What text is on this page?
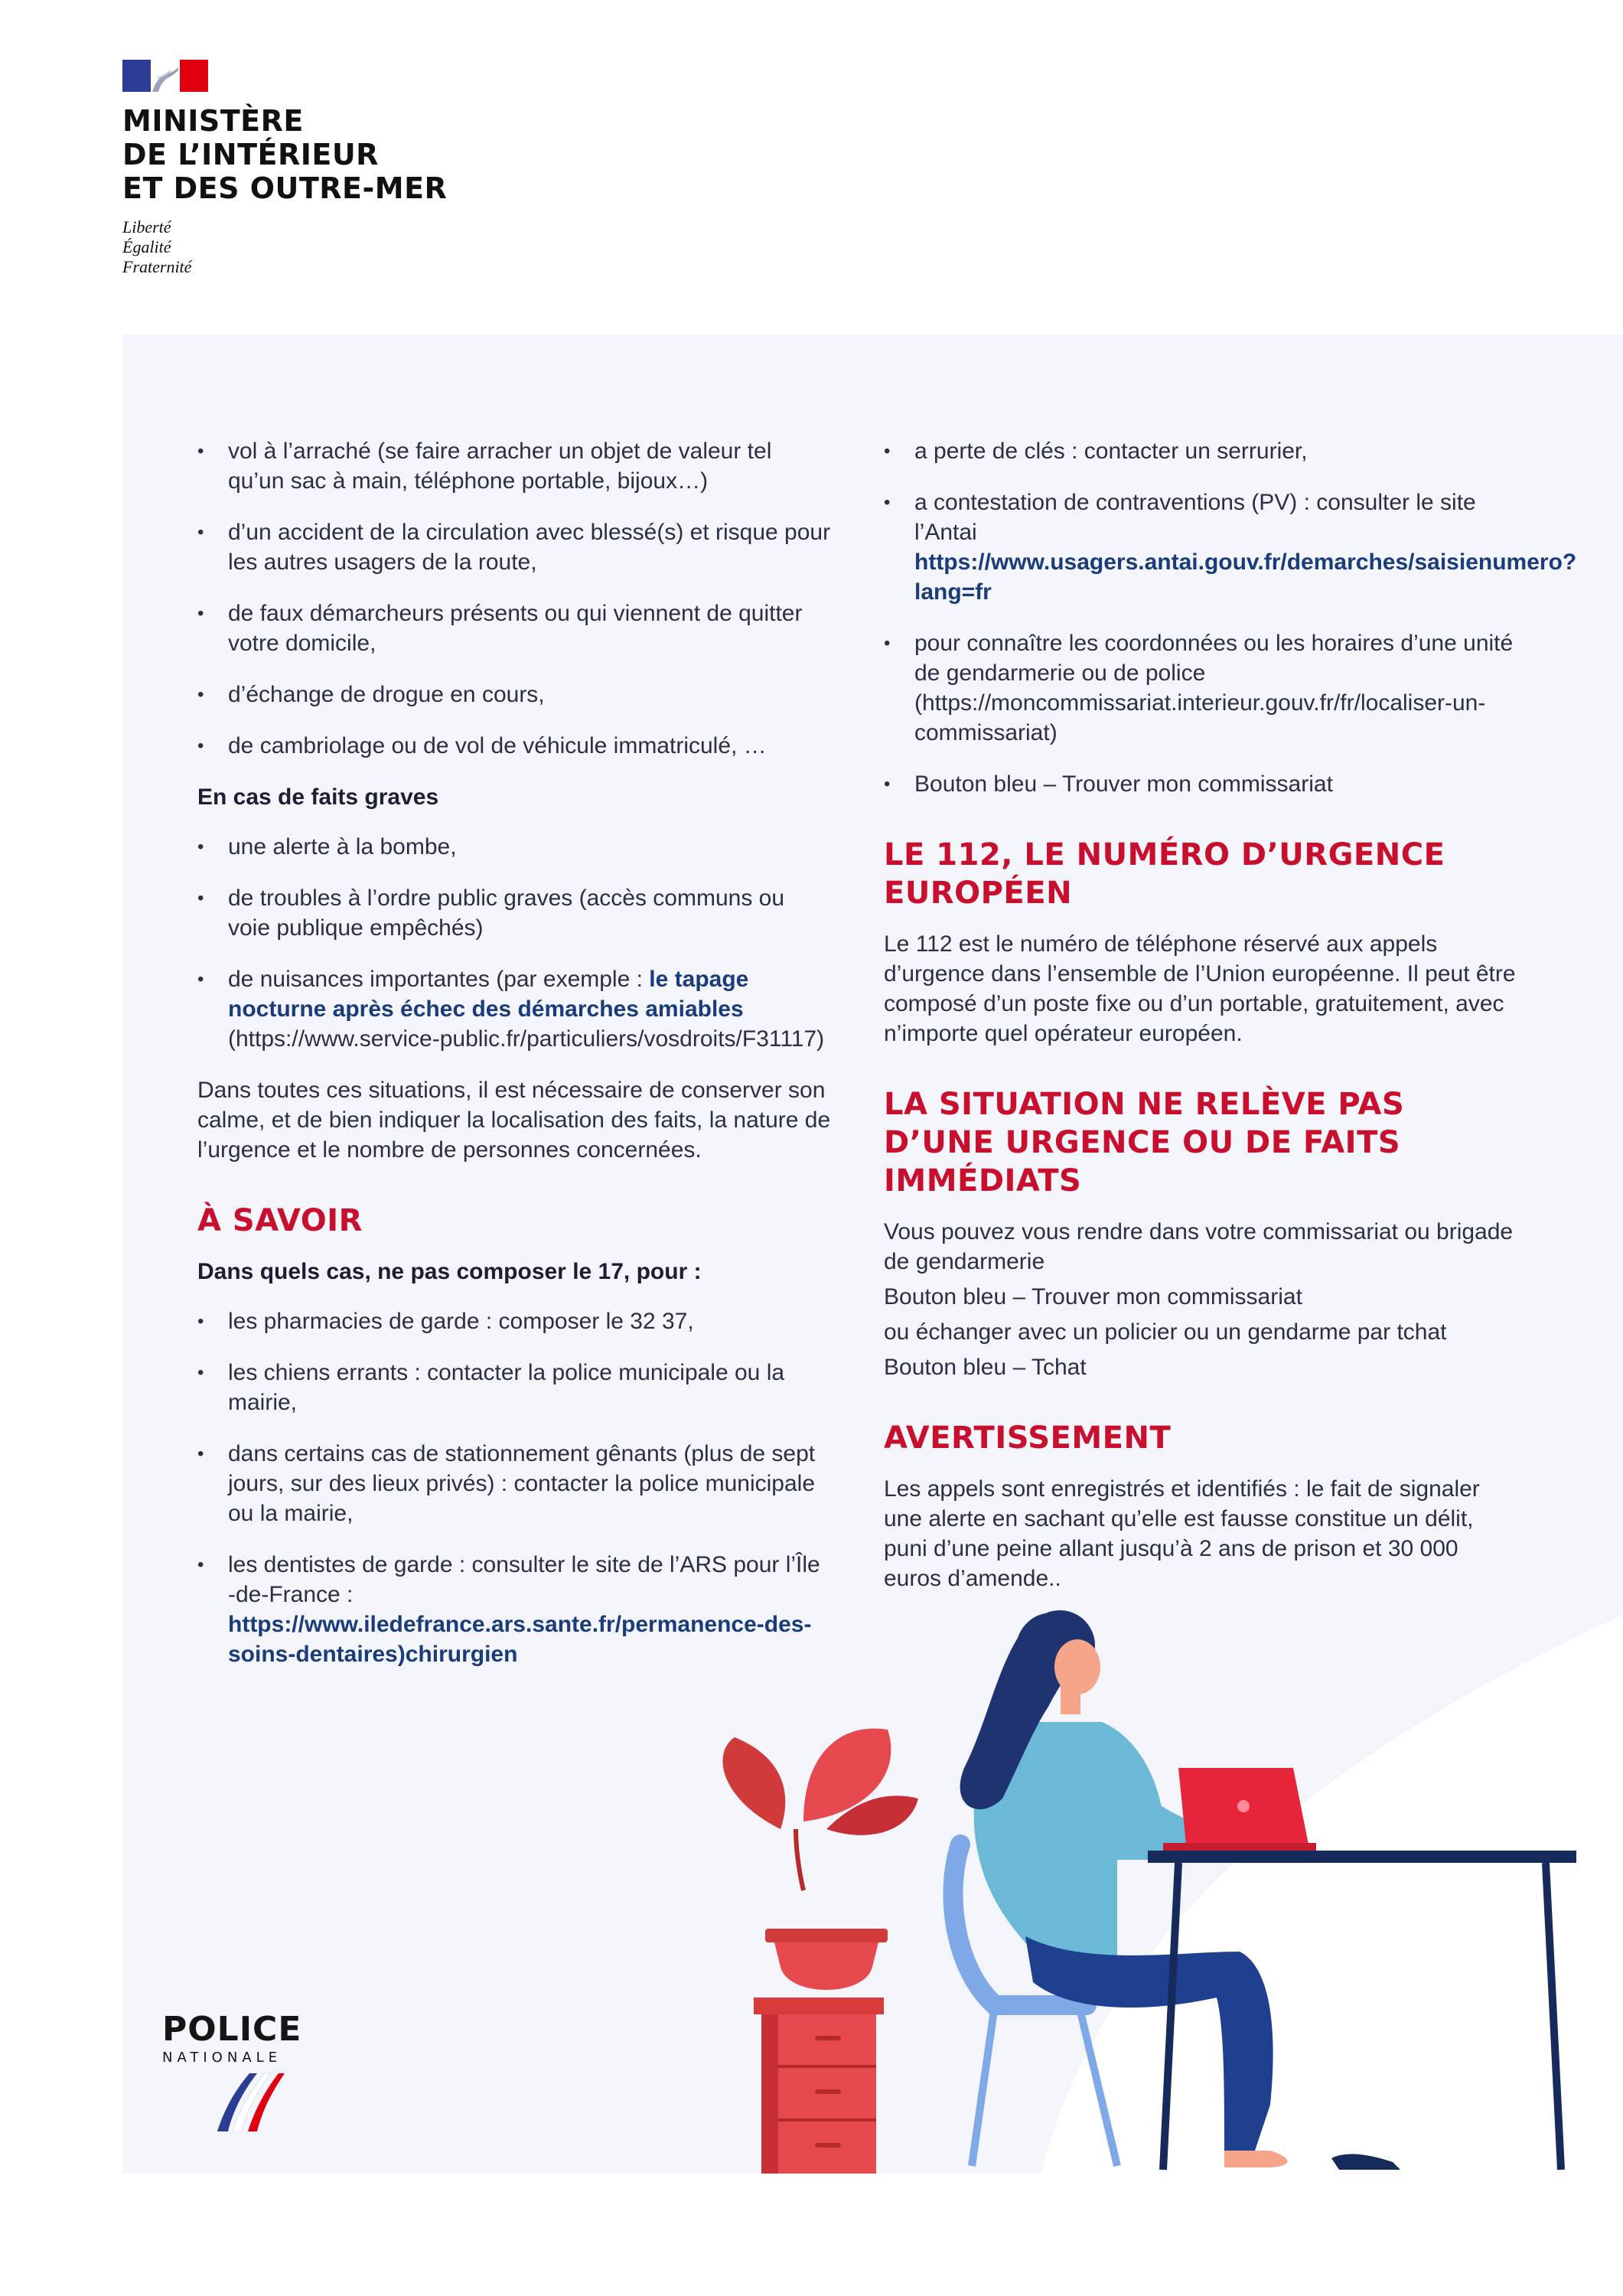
MINISTÈRE
DE L’INTÉRIEUR
ET DES OUTRE-MER
Liberté
Égalité
Fraternité
• vol à l’arraché (se faire arracher un objet de valeur tel qu’un sac à main, téléphone portable, bijoux…)
• d’un accident de la circulation avec blessé(s) et risque pour les autres usagers de la route,
• de faux démarcheurs présents ou qui viennent de quitter votre domicile,
• d’échange de drogue en cours,
• de cambriolage ou de vol de véhicule immatriculé, …
En cas de faits graves
• une alerte à la bombe,
• de troubles à l’ordre public graves (accès communs ou voie publique empêchés)
• de nuisances importantes (par exemple : le tapage nocturne après échec des démarches amiables (https://www.service-public.fr/particuliers/vosdroits/F31117)

Dans toutes ces situations, il est nécessaire de conserver son calme, et de bien indiquer la localisation des faits, la nature de l’urgence et le nombre de personnes concernées.

À SAVOIR
Dans quels cas, ne pas composer le 17, pour :
• les pharmacies de garde : composer le 32 37,
• les chiens errants : contacter la police municipale ou la mairie,
• dans certains cas de stationnement gênants (plus de sept jours, sur des lieux privés) : contacter la police municipale ou la mairie,
• les dentistes de garde : consulter le site de l’ARS pour l’Île -de-France : https://www.iledefrance.ars.sante.fr/permanence-des-soins-dentaires)chirurgien
• a perte de clés : contacter un serrurier,
• a contestation de contraventions (PV) : consulter le site l’Antai https://www.usagers.antai.gouv.fr/demarches/saisienumero?lang=fr
• pour connaître les coordonnées ou les horaires d’une unité de gendarmerie ou de police (https://moncommissariat.interieur.gouv.fr/fr/localiser-un-commissariat)
• Bouton bleu – Trouver mon commissariat
LE 112, LE NUMÉRO D’URGENCE EUROPÉEN

Le 112 est le numéro de téléphone réservé aux appels d’urgence dans l’ensemble de l’Union européenne. Il peut être composé d’un poste fixe ou d’un portable, gratuitement, avec n’importe quel opérateur européen.

LA SITUATION NE RELÈVE PAS D’UNE URGENCE OU DE FAITS IMMÉDIATS

Vous pouvez vous rendre dans votre commissariat ou brigade de gendarmerie

Bouton bleu – Trouver mon commissariat

ou échanger avec un policier ou un gendarme par tchat

Bouton bleu – Tchat

AVERTISSEMENT

Les appels sont enregistrés et identifiés : le fait de signaler une alerte en sachant qu’elle est fausse constitue un délit, puni d’une peine allant jusqu’à 2 ans de prison et 30 000 euros d’amende..

POLICE
NATIONALE
